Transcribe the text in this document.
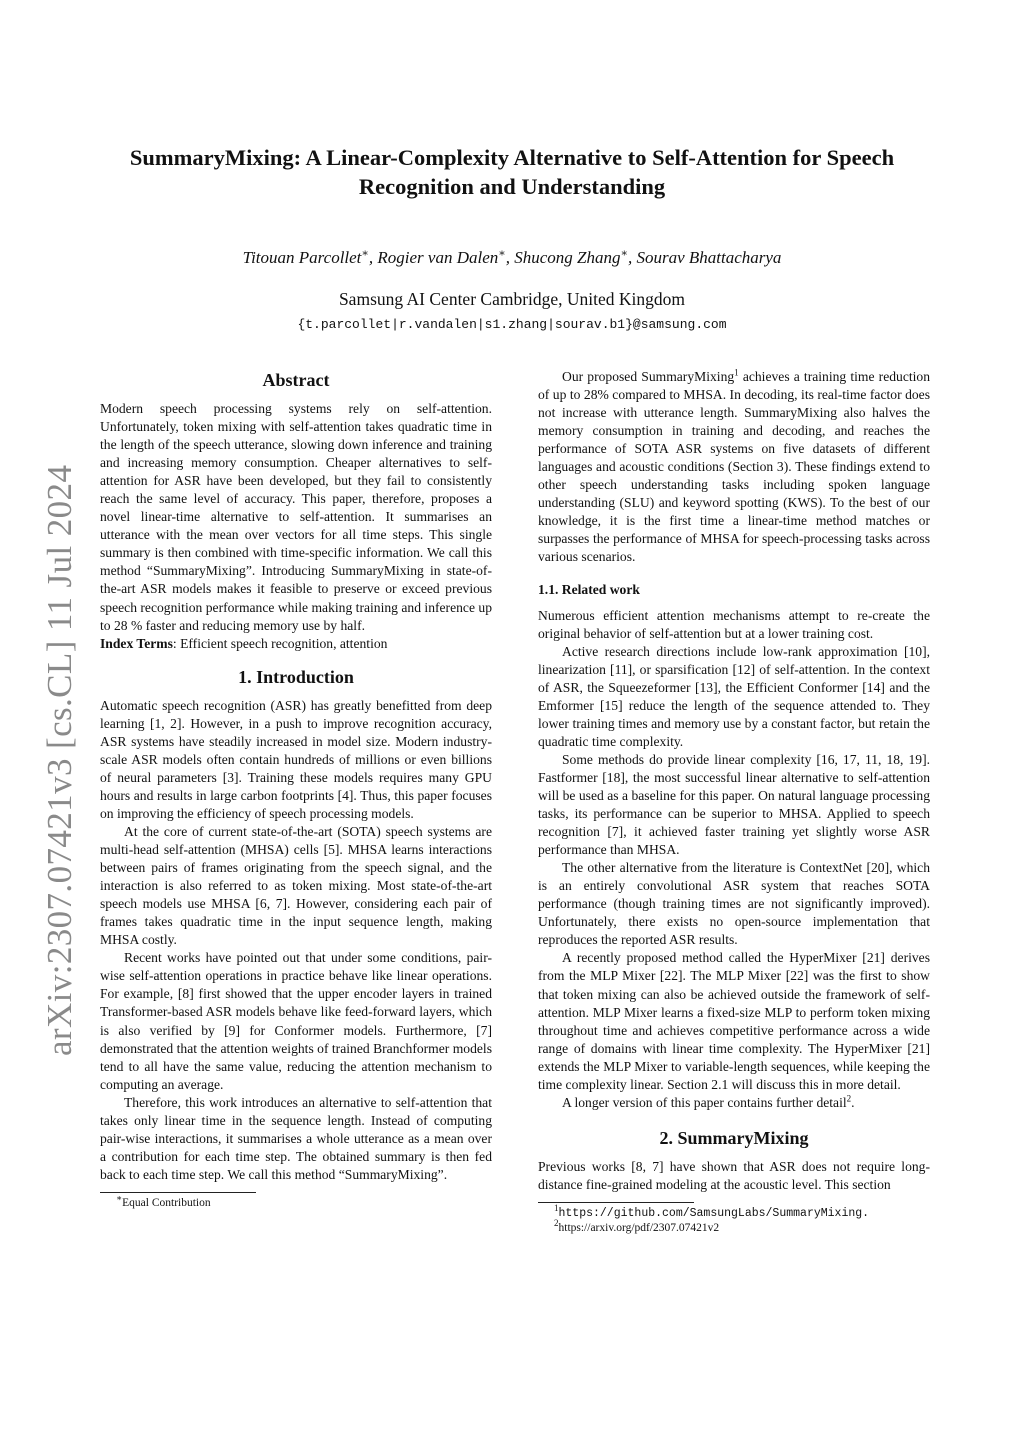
arXiv:2307.07421v3 [cs.CL] 11 Jul 2024
SummaryMixing: A Linear-Complexity Alternative to Self-Attention for Speech
Recognition and Understanding
Titouan Parcollet∗, Rogier van Dalen∗, Shucong Zhang∗, Sourav Bhattacharya
Samsung AI Center Cambridge, United Kingdom
{t.parcollet|r.vandalen|s1.zhang|sourav.b1}@samsung.com
Abstract

Modern speech processing systems rely on self-attention. Unfortunately, token mixing with self-attention takes quadratic time in the length of the speech utterance, slowing down inference and training and increasing memory consumption. Cheaper alternatives to self-attention for ASR have been developed, but they fail to consistently reach the same level of accuracy. This paper, therefore, proposes a novel linear-time alternative to self-attention. It summarises an utterance with the mean over vectors for all time steps. This single summary is then combined with time-specific information. We call this method “SummaryMixing”. Introducing SummaryMixing in state-of-the-art ASR models makes it feasible to preserve or exceed previous speech recognition performance while making training and inference up to 28 % faster and reducing memory use by half.

Index Terms: Efficient speech recognition, attention

1. Introduction

Automatic speech recognition (ASR) has greatly benefitted from deep learning [1, 2]. However, in a push to improve recognition accuracy, ASR systems have steadily increased in model size. Modern industry-scale ASR models often contain hundreds of millions or even billions of neural parameters [3]. Training these models requires many GPU hours and results in large carbon footprints [4]. Thus, this paper focuses on improving the efficiency of speech processing models.

At the core of current state-of-the-art (SOTA) speech systems are multi-head self-attention (MHSA) cells [5]. MHSA learns interactions between pairs of frames originating from the speech signal, and the interaction is also referred to as token mixing. Most state-of-the-art speech models use MHSA [6, 7]. However, considering each pair of frames takes quadratic time in the input sequence length, making MHSA costly.

Recent works have pointed out that under some conditions, pair-wise self-attention operations in practice behave like linear operations. For example, [8] first showed that the upper encoder layers in trained Transformer-based ASR models behave like feed-forward layers, which is also verified by [9] for Conformer models. Furthermore, [7] demonstrated that the attention weights of trained Branchformer models tend to all have the same value, reducing the attention mechanism to computing an average.

Therefore, this work introduces an alternative to self-attention that takes only linear time in the sequence length. Instead of computing pair-wise interactions, it summarises a whole utterance as a mean over a contribution for each time step. The obtained summary is then fed back to each time step. We call this method “SummaryMixing”.

∗Equal Contribution

Our proposed SummaryMixing$^1$ achieves a training time reduction of up to 28% compared to MHSA. In decoding, its real-time factor does not increase with utterance length. SummaryMixing also halves the memory consumption in training and decoding, and reaches the performance of SOTA ASR systems on five datasets of different languages and acoustic conditions (Section 3). These findings extend to other speech understanding tasks including spoken language understanding (SLU) and keyword spotting (KWS). To the best of our knowledge, it is the first time a linear-time method matches or surpasses the performance of MHSA for speech-processing tasks across various scenarios.

1.1. Related work

Numerous efficient attention mechanisms attempt to re-create the original behavior of self-attention but at a lower training cost.

Active research directions include low-rank approximation [10], linearization [11], or sparsification [12] of self-attention. In the context of ASR, the Squeezeformer [13], the Efficient Conformer [14] and the Emformer [15] reduce the length of the sequence attended to. They lower training times and memory use by a constant factor, but retain the quadratic time complexity.

Some methods do provide linear complexity [16, 17, 11, 18, 19]. Fastformer [18], the most successful linear alternative to self-attention will be used as a baseline for this paper. On natural language processing tasks, its performance can be superior to MHSA. Applied to speech recognition [7], it achieved faster training yet slightly worse ASR performance than MHSA.

The other alternative from the literature is ContextNet [20], which is an entirely convolutional ASR system that reaches SOTA performance (though training times are not significantly improved). Unfortunately, there exists no open-source implementation that reproduces the reported ASR results.

A recently proposed method called the HyperMixer [21] derives from the MLP Mixer [22]. The MLP Mixer [22] was the first to show that token mixing can also be achieved outside the framework of self-attention. MLP Mixer learns a fixed-size MLP to perform token mixing throughout time and achieves competitive performance across a wide range of domains with linear time complexity. The HyperMixer [21] extends the MLP Mixer to variable-length sequences, while keeping the time complexity linear. Section 2.1 will discuss this in more detail.

A longer version of this paper contains further detail$^2$.

2. SummaryMixing

Previous works [8, 7] have shown that ASR does not require long-distance fine-grained modeling at the acoustic level. This section

$^1$https://github.com/SamsungLabs/SummaryMixing.

$^2$https://arxiv.org/pdf/2307.07421v2
